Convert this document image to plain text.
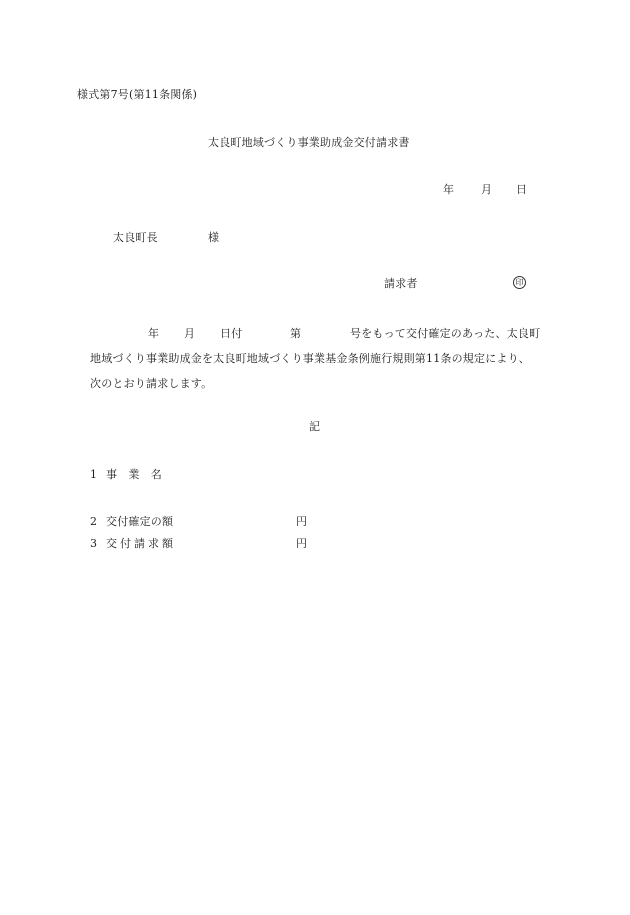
様式第7号(第11条関係)
太良町地域づくり事業助成金交付請求書
年 月 日
太良町長	様
請求者	印
年 月 日付	第	号をもって交付確定のあった、太良町
地域づくり事業助成金を太良町地域づくり事業基金条例施行規則第11条の規定により、
次のとおり請求します。
記
1 事　業　名
2 交付確定の額	円
3 交付請求額	円
